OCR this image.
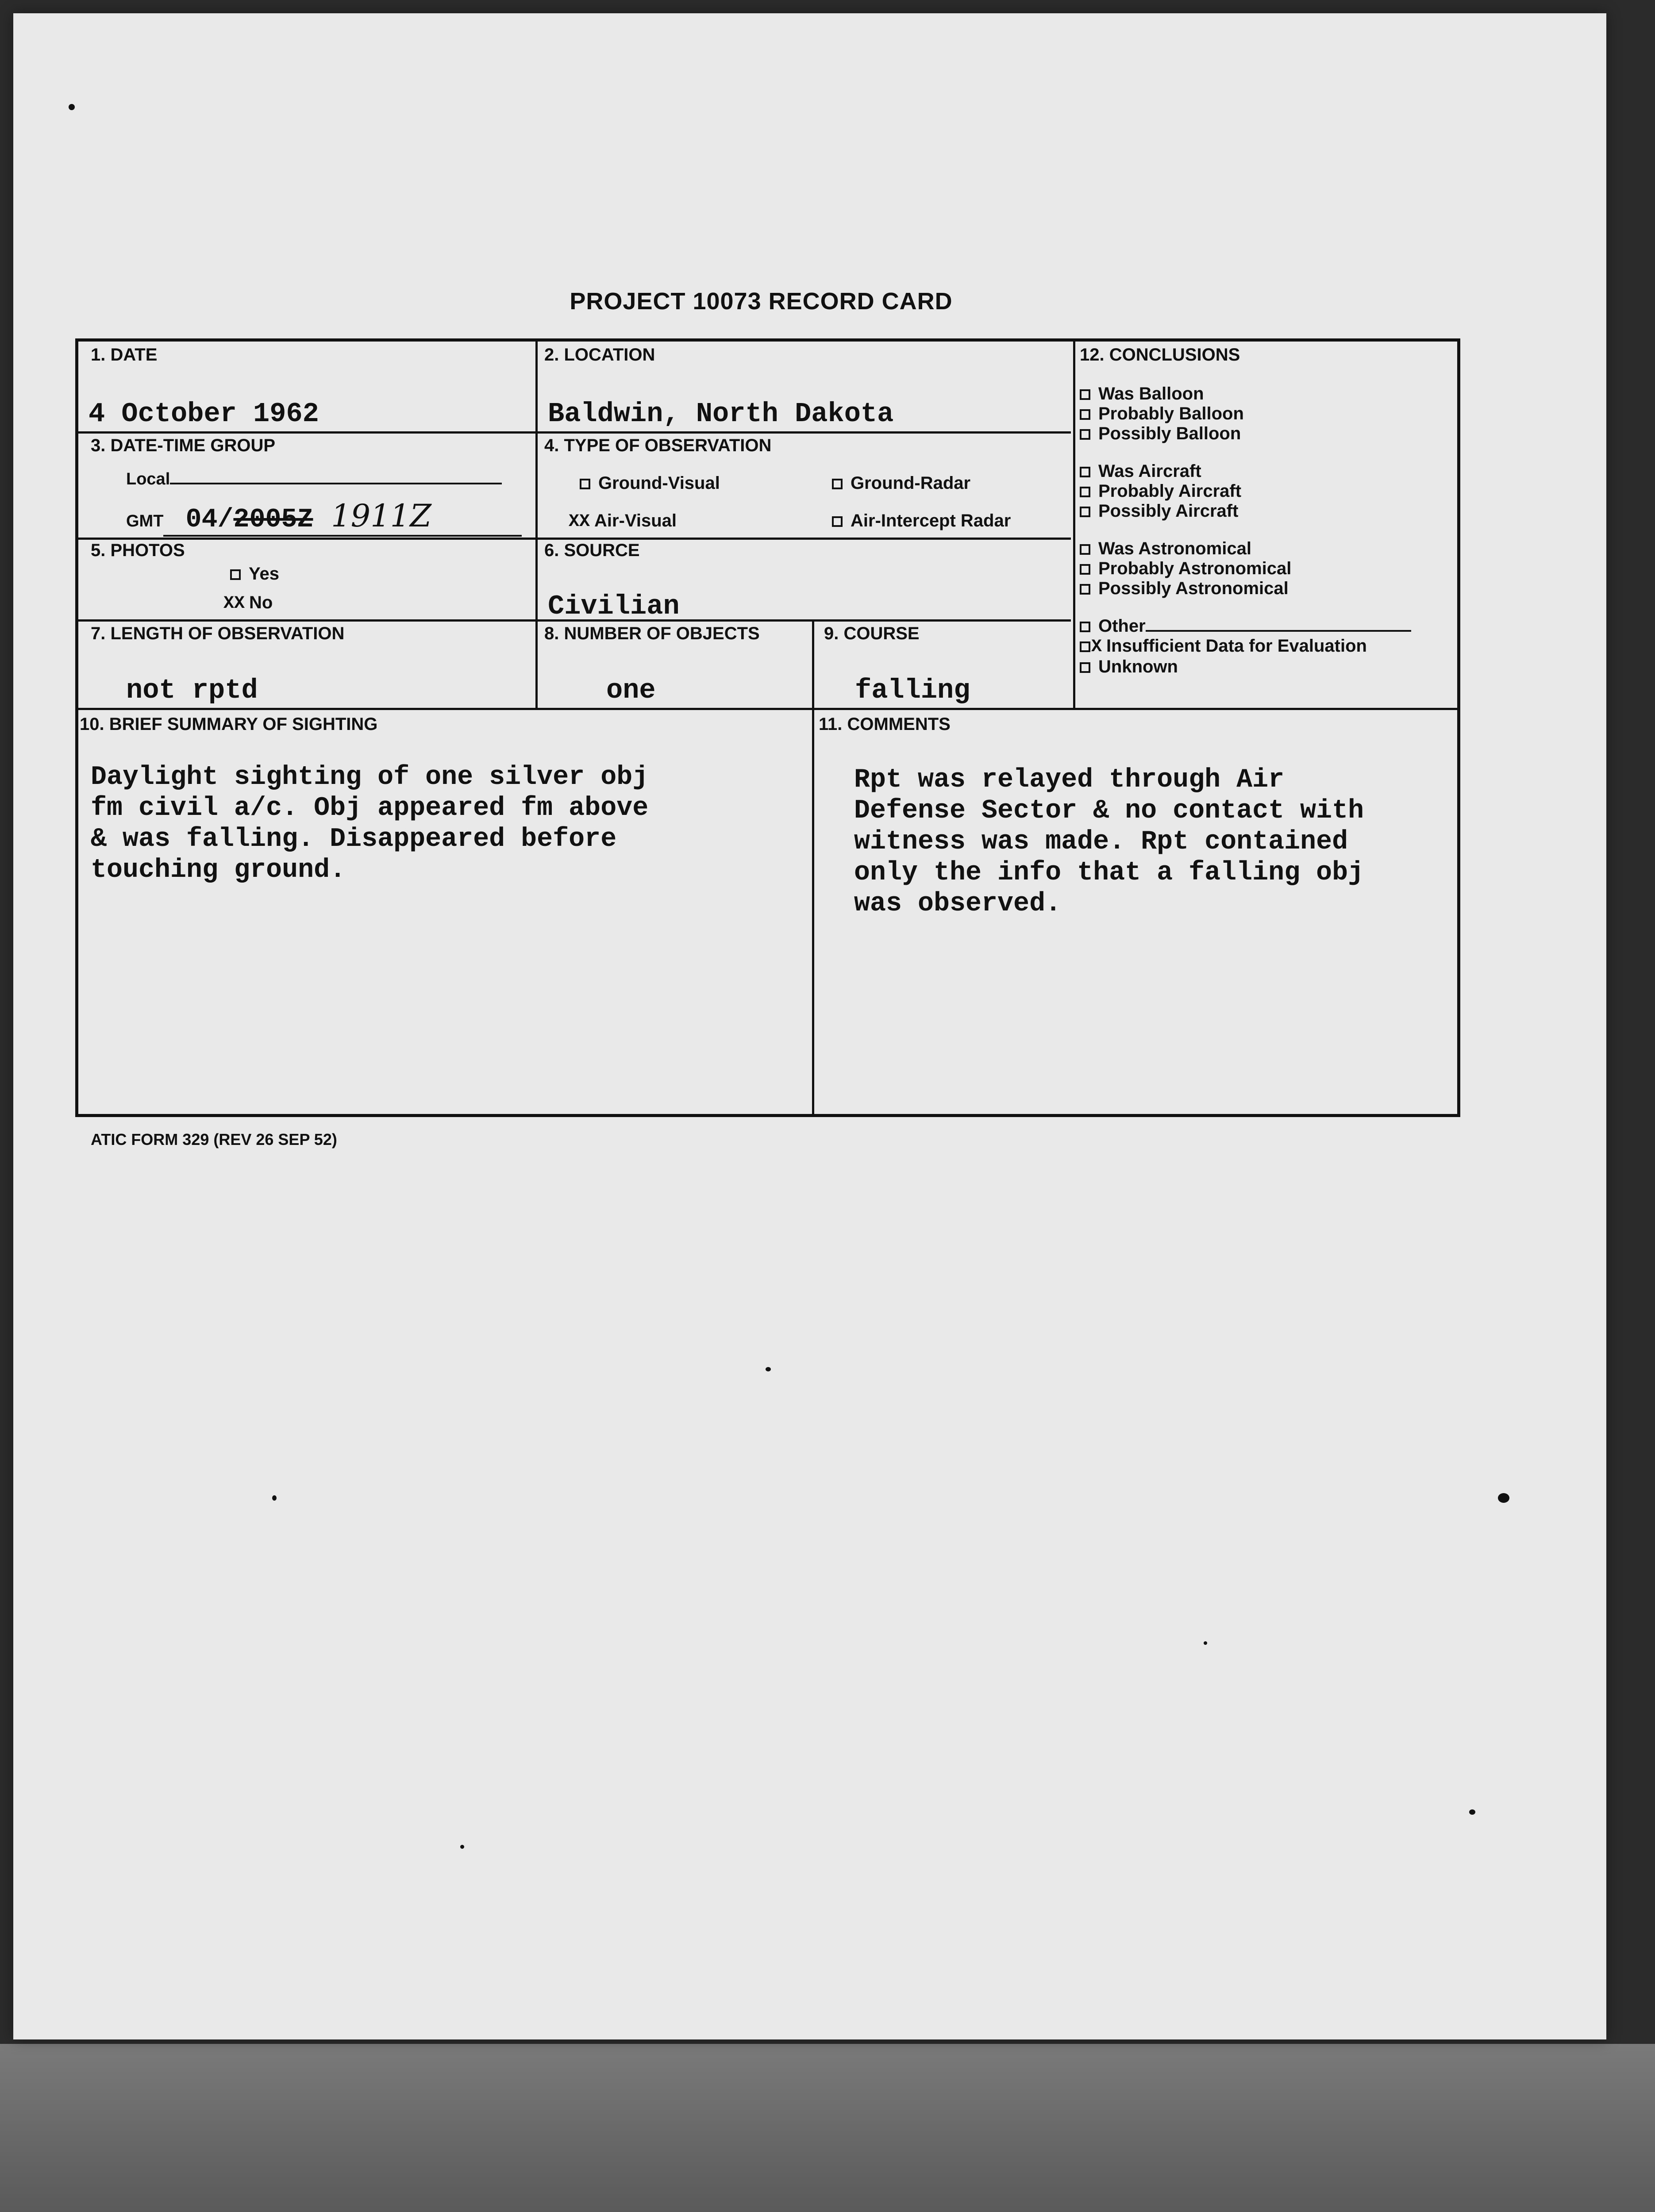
PROJECT 10073 RECORD CARD
1. DATE
4 October 1962
2. LOCATION
Baldwin, North Dakota
3. DATE-TIME GROUP
Local
GMT 04/2005Z 1911Z
4. TYPE OF OBSERVATION
Ground-Visual	Ground-Radar
XX Air-Visual	Air-Intercept Radar
5. PHOTOS
Yes
XX No
6. SOURCE
Civilian
7. LENGTH OF OBSERVATION
not rptd
8. NUMBER OF OBJECTS
one
9. COURSE
falling
12. CONCLUSIONS
Was Balloon
Probably Balloon
Possibly Balloon
Was Aircraft
Probably Aircraft
Possibly Aircraft
Was Astronomical
Probably Astronomical
Possibly Astronomical
Other
X Insufficient Data for Evaluation
Unknown
10. BRIEF SUMMARY OF SIGHTING
Daylight sighting of one silver obj
fm civil a/c. Obj appeared fm above
& was falling. Disappeared before
touching ground.
11. COMMENTS
Rpt was relayed through Air
Defense Sector & no contact with
witness was made. Rpt contained
only the info that a falling obj
was observed.
ATIC FORM 329 (REV 26 SEP 52)
